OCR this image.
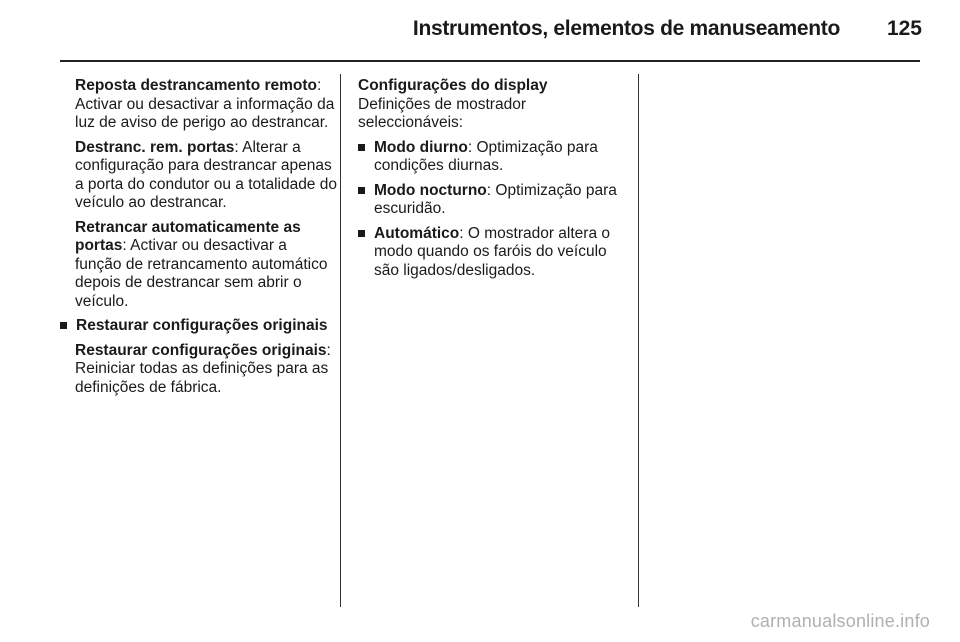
Instrumentos, elementos de manuseamento	125

Reposta destrancamento remoto: Activar ou desactivar a informação da luz de aviso de perigo ao destrancar.

Destranc. rem. portas: Alterar a configuração para destrancar apenas a porta do condutor ou a totalidade do veículo ao destrancar.

Retrancar automaticamente as portas: Activar ou desactivar a função de retrancamento automático depois de destrancar sem abrir o veículo.

Restaurar configurações originais

Restaurar configurações originais: Reiniciar todas as definições para as definições de fábrica.

Configurações do display

Definições de mostrador seleccionáveis:

Modo diurno: Optimização para condições diurnas.
Modo nocturno: Optimização para escuridão.
Automático: O mostrador altera o modo quando os faróis do veículo são ligados/desligados.
carmanualsonline.info
